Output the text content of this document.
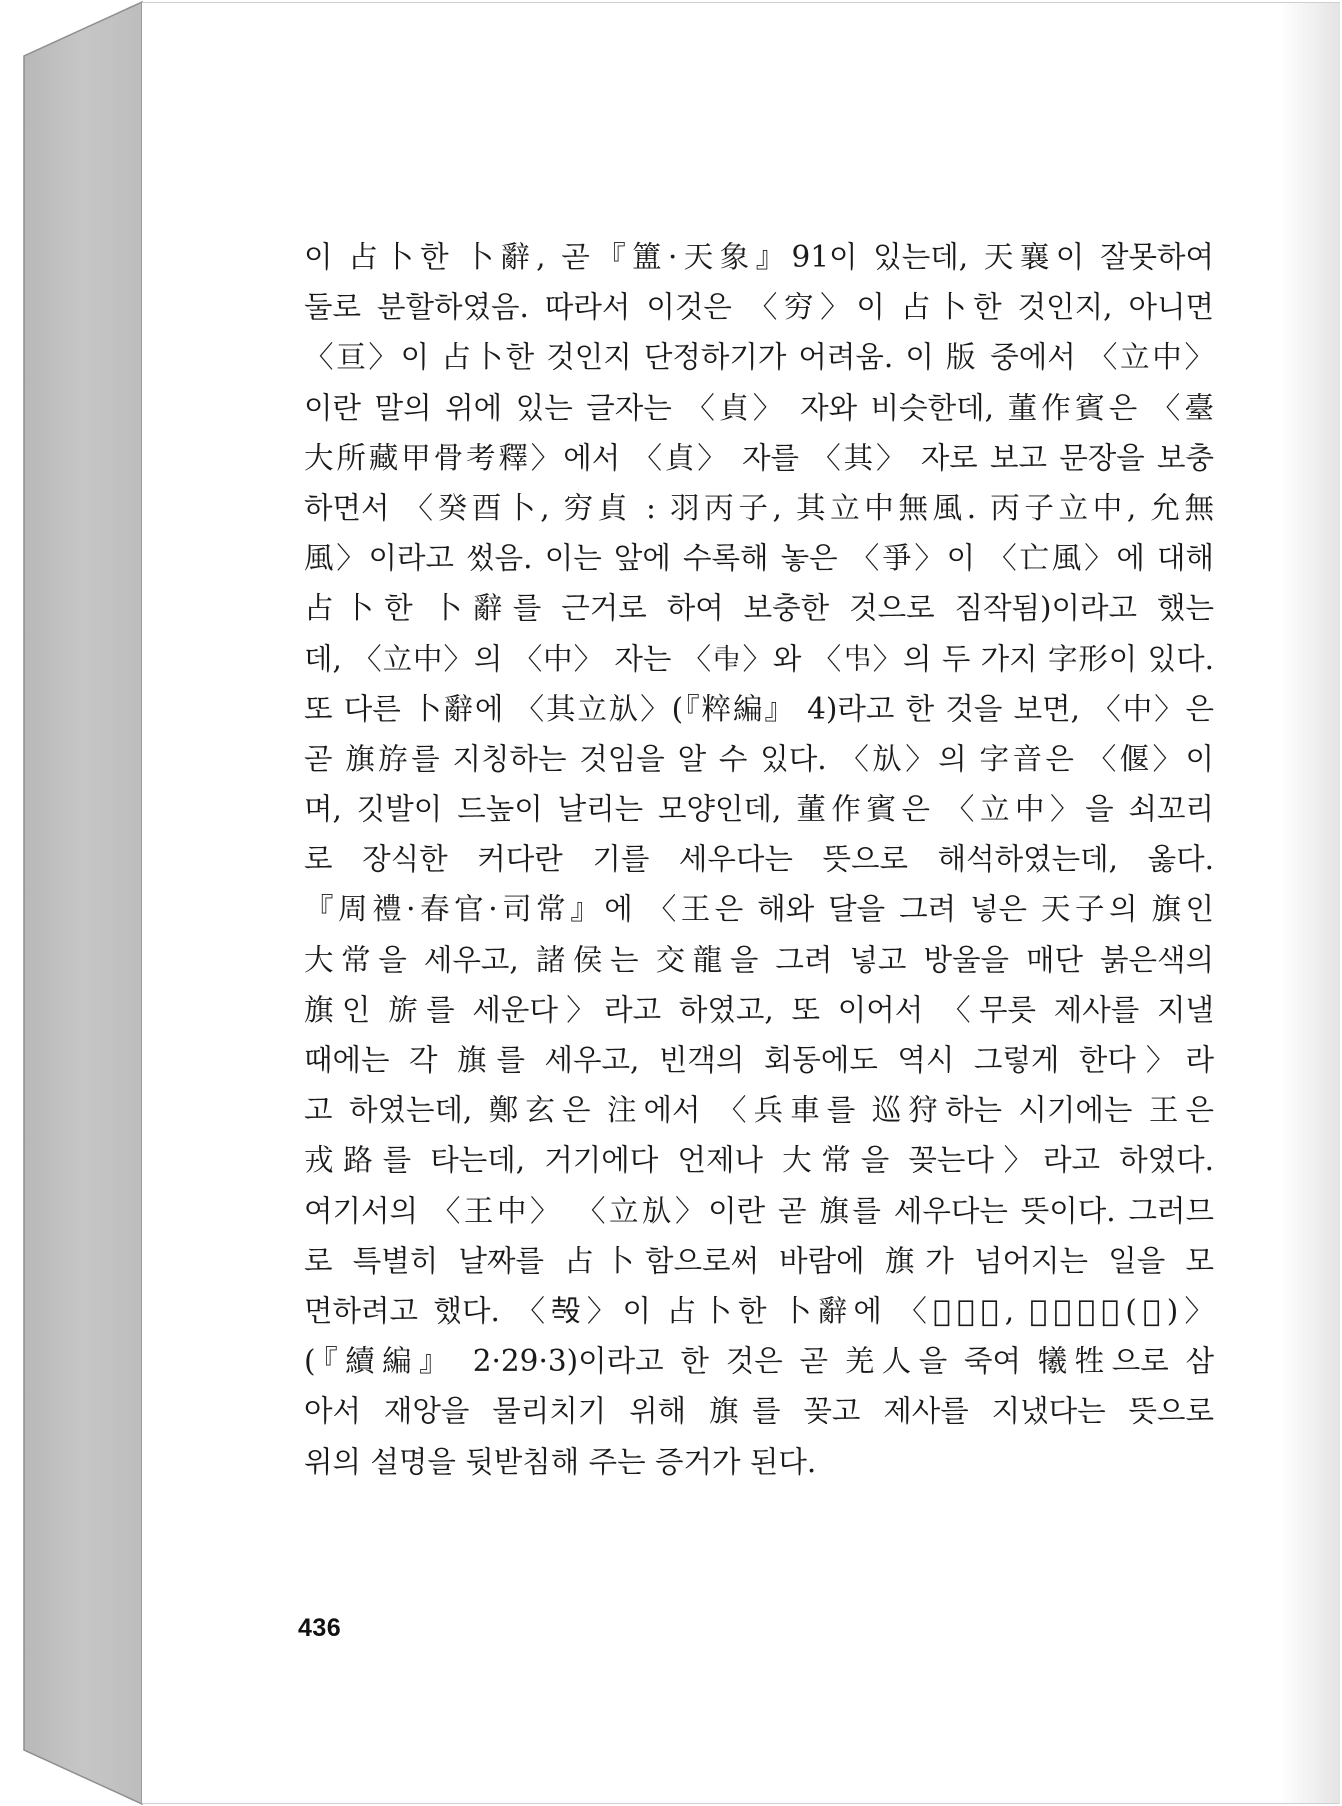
이 占卜한 卜辭, 곧『簠·天象』91이 있는데, 天襄이 잘못하여
둘로 분할하였음. 따라서 이것은 〈穷〉이 占卜한 것인지, 아니면
〈亘〉이 占卜한 것인지 단정하기가 어려움. 이 版 중에서 〈立中〉
이란 말의 위에 있는 글자는 〈貞〉 자와 비슷한데, 董作賓은 〈臺
大所藏甲骨考釋〉에서 〈貞〉 자를 〈其〉 자로 보고 문장을 보충
하면서 〈癸酉卜, 穷貞 : 羽丙子, 其立中無風. 丙子立中, 允無
風〉이라고 썼음. 이는 앞에 수록해 놓은 〈爭〉이 〈亡風〉에 대해
占卜한 卜辭를 근거로 하여 보충한 것으로 짐작됨)이라고 했는
데, 〈立中〉의 〈中〉 자는 〈𠁩〉와 〈𠁧〉의 두 가지 字形이 있다.
또 다른 卜辭에 〈其立㫃〉(『粹編』 4)라고 한 것을 보면, 〈中〉은
곧 旗斿를 지칭하는 것임을 알 수 있다. 〈㫃〉의 字音은 〈偃〉이
며, 깃발이 드높이 날리는 모양인데, 董作賓은 〈立中〉을 쇠꼬리
로 장식한 커다란 기를 세우다는 뜻으로 해석하였는데, 옳다.
『周禮·春官·司常』에 〈王은 해와 달을 그려 넣은 天子의 旗인
大常을 세우고, 諸侯는 交龍을 그려 넣고 방울을 매단 붉은색의
旗인 旂를 세운다〉라고 하였고, 또 이어서 〈무릇 제사를 지낼
때에는 각 旗를 세우고, 빈객의 회동에도 역시 그렇게 한다〉라
고 하였는데, 鄭玄은 注에서 〈兵車를 巡狩하는 시기에는 王은
戎路를 타는데, 거기에다 언제나 大常을 꽂는다〉라고 하였다.
여기서의 〈王中〉 〈立㫃〉이란 곧 旗를 세우다는 뜻이다. 그러므
로 특별히 날짜를 占卜함으로써 바람에 旗가 넘어지는 일을 모
면하려고 했다. 〈𣪊〉이 占卜한 卜辭에 〈𣪓羌百, 放三斿㫃(偃)〉
(『續編』 2·29·3)이라고 한 것은 곧 羌人을 죽여 犧牲으로 삼
아서 재앙을 물리치기 위해 旗를 꽂고 제사를 지냈다는 뜻으로
위의 설명을 뒷받침해 주는 증거가 된다.
436
